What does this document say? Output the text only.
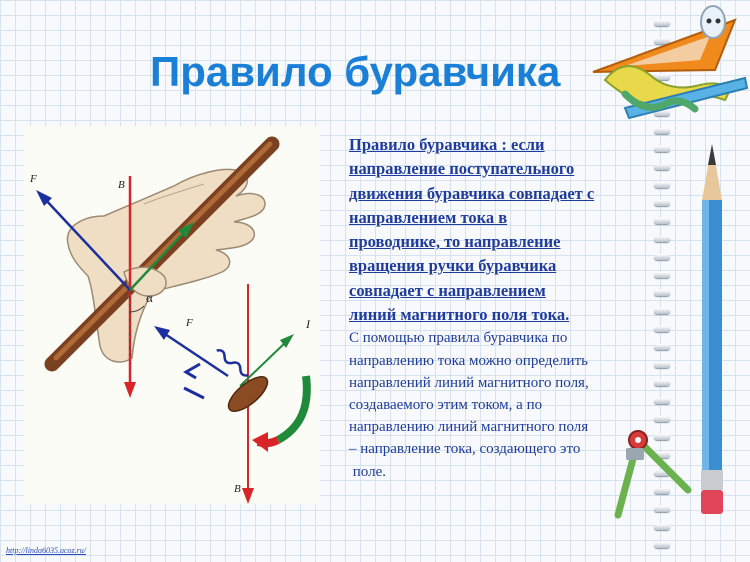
Правило буравчика
F	B
α
F	I
B
Правило буравчика : если
направление поступательного
движения буравчика совпадает с
направлением тока в
проводнике, то направление
вращения ручки буравчика
совпадает с направлением
линий магнитного поля тока.
С помощью правила буравчика по
направлению тока можно определить
направлений линий магнитного поля,
создаваемого этим током, а по
направлению линий магнитного поля
– направление тока, создающего это
поле.
http://linda6035.ucoz.ru/
